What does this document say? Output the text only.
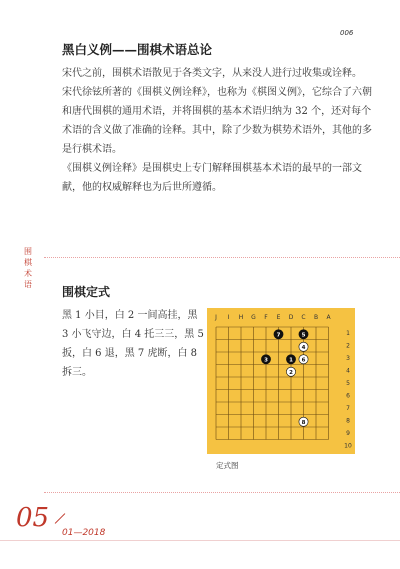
006
围
棋
术
语
黑白义例——围棋术语总论

宋代之前，围棋术语散见于各类文字，从来没人进行过收集或诠释。

宋代徐铉所著的《围棋义例诠释》，也称为《棋图义例》，它综合了六朝和唐代围棋的通用术语，并将围棋的基本术语归纳为 32 个，还对每个术语的含义做了准确的诠释。其中，除了少数为棋势术语外，其他的多是行棋术语。

《围棋义例诠释》是围棋史上专门解释围棋基本术语的最早的一部文献，他的权威解释也为后世所遵循。

围棋定式
黑 1 小目，白 2 一间高挂，黑 3 小飞守边，白 4 托三三，黑 5 扳，白 6 退，黑 7 虎断，白 8 拆三。
J I H G F E D C B A
1
2
3
4
5
6
7
8
9
10
1
2
3
4
5
6
7
8
定式图
05 01—2018
